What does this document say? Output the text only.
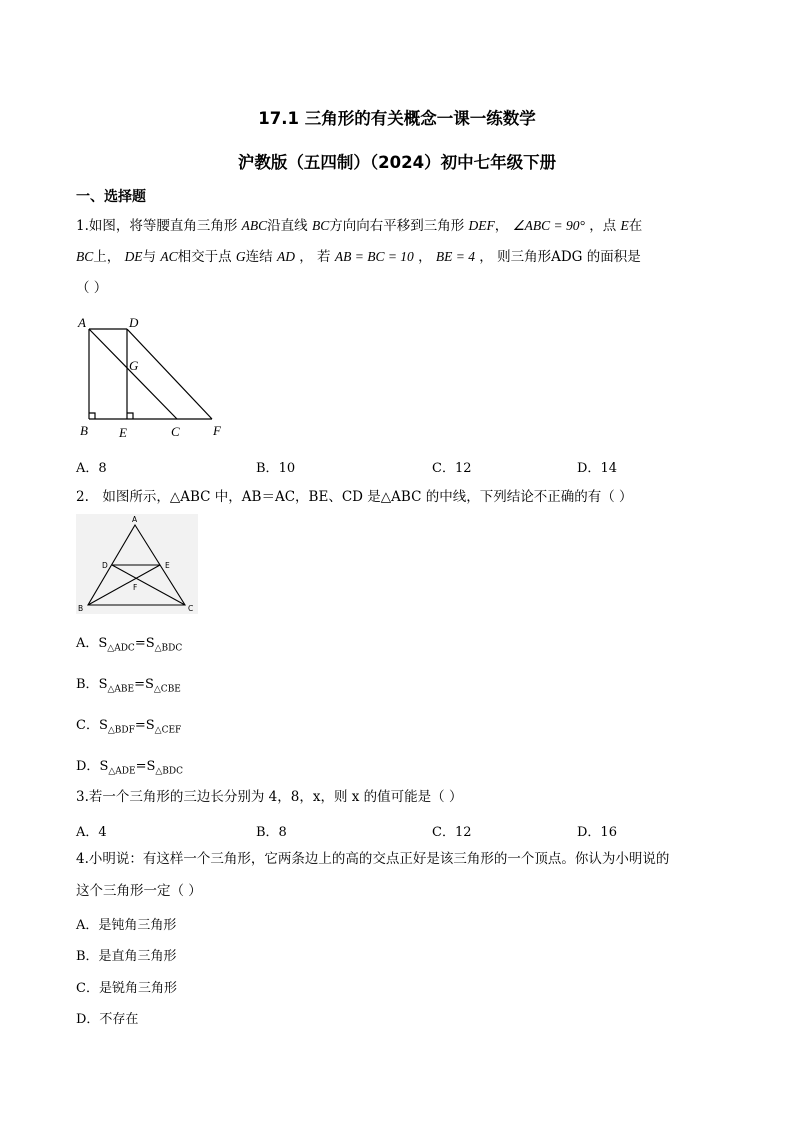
17.1 三角形的有关概念一课一练数学
沪教版（五四制）（2024）初中七年级下册
一、选择题
1.如图，将等腰直角三角形 ABC沿直线 BC方向向右平移到三角形 DEF， ∠ABC = 90° ，点 E在
BC上， DE与 AC相交于点 G连结 AD ， 若 AB = BC = 10 ， BE = 4 ， 则三角形ADG 的面积是
（ ）
A	D
G
B E	C	F
A．8	B．10	C．12	D．14
2.　如图所示，△ABC 中，AB＝AC，BE、CD 是△ABC 的中线，下列结论不正确的有（ ）
A
D	E
F
B	C
A．$S_{\triangle ADC}=S_{\triangle BDC}$
B．$S_{\triangle ABE}=S_{\triangle CBE}$
C．$S_{\triangle BDF}=S_{\triangle CEF}$
D．$S_{\triangle ADE}=S_{\triangle BDC}$
3.若一个三角形的三边长分别为 4，8，x，则 x 的值可能是（ ）
A．4	B．8	C．12	D．16
4.小明说：有这样一个三角形，它两条边上的高的交点正好是该三角形的一个顶点。你认为小明说的
这个三角形一定（ ）
A．是钝角三角形
B．是直角三角形
C．是锐角三角形
D．不存在
